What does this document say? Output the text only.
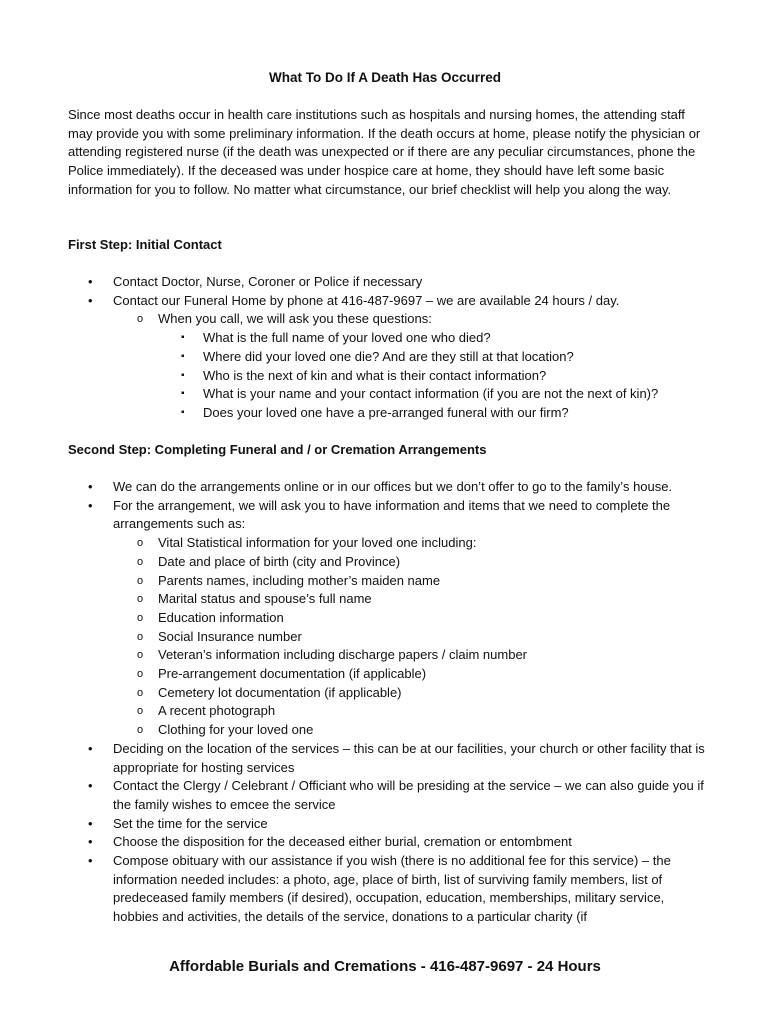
What To Do If A Death Has Occurred

Since most deaths occur in health care institutions such as hospitals and nursing homes, the attending staff may provide you with some preliminary information. If the death occurs at home, please notify the physician or attending registered nurse (if the death was unexpected or if there are any peculiar circumstances, phone the Police immediately). If the deceased was under hospice care at home, they should have left some basic information for you to follow. No matter what circumstance, our brief checklist will help you along the way.

First Step: Initial Contact

• Contact Doctor, Nurse, Coroner or Police if necessary
• Contact our Funeral Home by phone at 416-487-9697 – we are available 24 hours / day.
o When you call, we will ask you these questions:
▪ What is the full name of your loved one who died?
▪ Where did your loved one die? And are they still at that location?
▪ Who is the next of kin and what is their contact information?
▪ What is your name and your contact information (if you are not the next of kin)?
▪ Does your loved one have a pre-arranged funeral with our firm?

Second Step: Completing Funeral and / or Cremation Arrangements

• We can do the arrangements online or in our offices but we don’t offer to go to the family’s house.
• For the arrangement, we will ask you to have information and items that we need to complete the arrangements such as:
o Vital Statistical information for your loved one including:
o Date and place of birth (city and Province)
o Parents names, including mother’s maiden name
o Marital status and spouse’s full name
o Education information
o Social Insurance number
o Veteran’s information including discharge papers / claim number
o Pre-arrangement documentation (if applicable)
o Cemetery lot documentation (if applicable)
o A recent photograph
o Clothing for your loved one
• Deciding on the location of the services – this can be at our facilities, your church or other facility that is appropriate for hosting services
• Contact the Clergy / Celebrant / Officiant who will be presiding at the service – we can also guide you if the family wishes to emcee the service
• Set the time for the service
• Choose the disposition for the deceased either burial, cremation or entombment
• Compose obituary with our assistance if you wish (there is no additional fee for this service) – the information needed includes: a photo, age, place of birth, list of surviving family members, list of predeceased family members (if desired), occupation, education, memberships, military service, hobbies and activities, the details of the service, donations to a particular charity (if
Affordable Burials and Cremations - 416-487-9697 - 24 Hours
